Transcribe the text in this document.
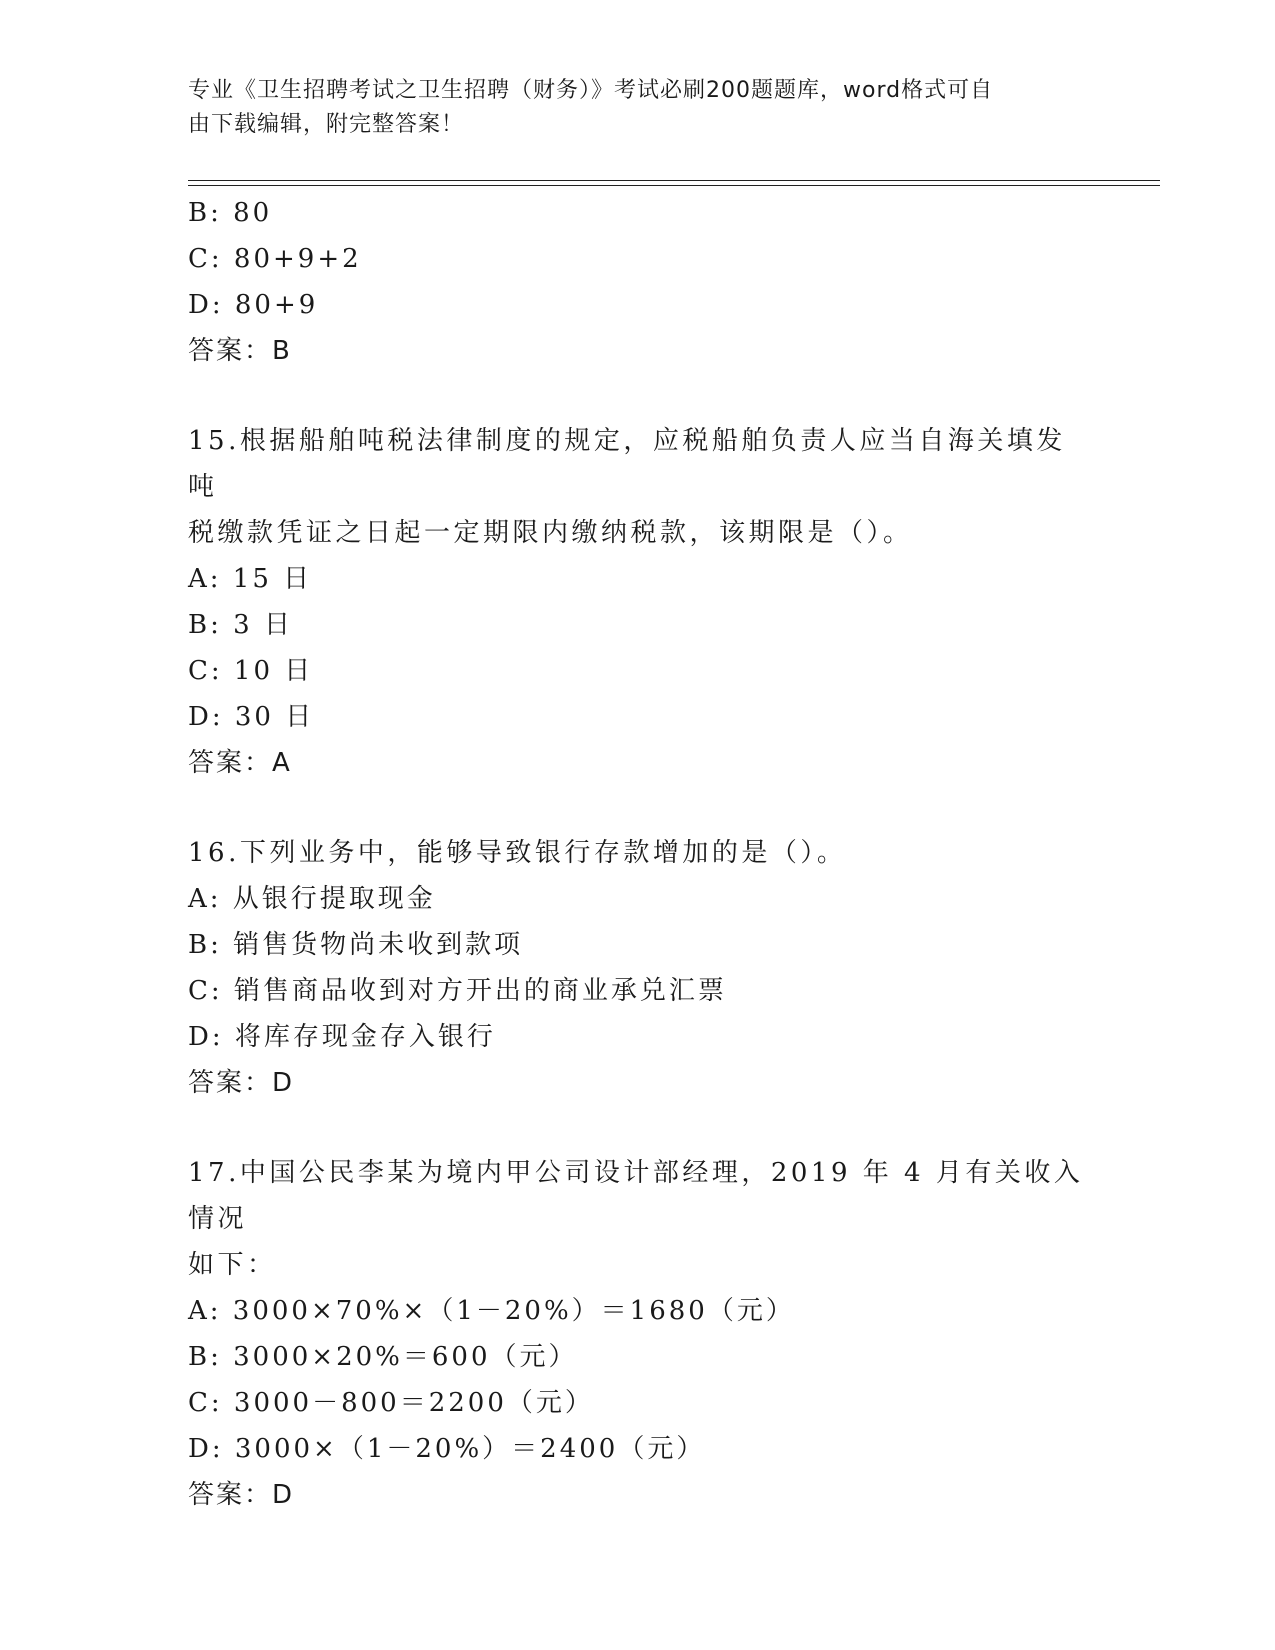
专业《卫生招聘考试之卫生招聘（财务）》考试必刷200题题库，word格式可自
由下载编辑，附完整答案！
B: 80
C: 80+9+2
D: 80+9
答案：B
15.根据船舶吨税法律制度的规定，应税船舶负责人应当自海关填发吨
税缴款凭证之日起一定期限内缴纳税款，该期限是（）。
A: 15 日
B: 3 日
C: 10 日
D: 30 日
答案：A
16.下列业务中，能够导致银行存款增加的是（）。
A: 从银行提取现金
B: 销售货物尚未收到款项
C: 销售商品收到对方开出的商业承兑汇票
D: 将库存现金存入银行
答案：D
17.中国公民李某为境内甲公司设计部经理，2019 年 4 月有关收入情况
如下：
A: 3000×70%×（1－20%）＝1680（元）
B: 3000×20%＝600（元）
C: 3000－800＝2200（元）
D: 3000×（1－20%）＝2400（元）
答案：D
